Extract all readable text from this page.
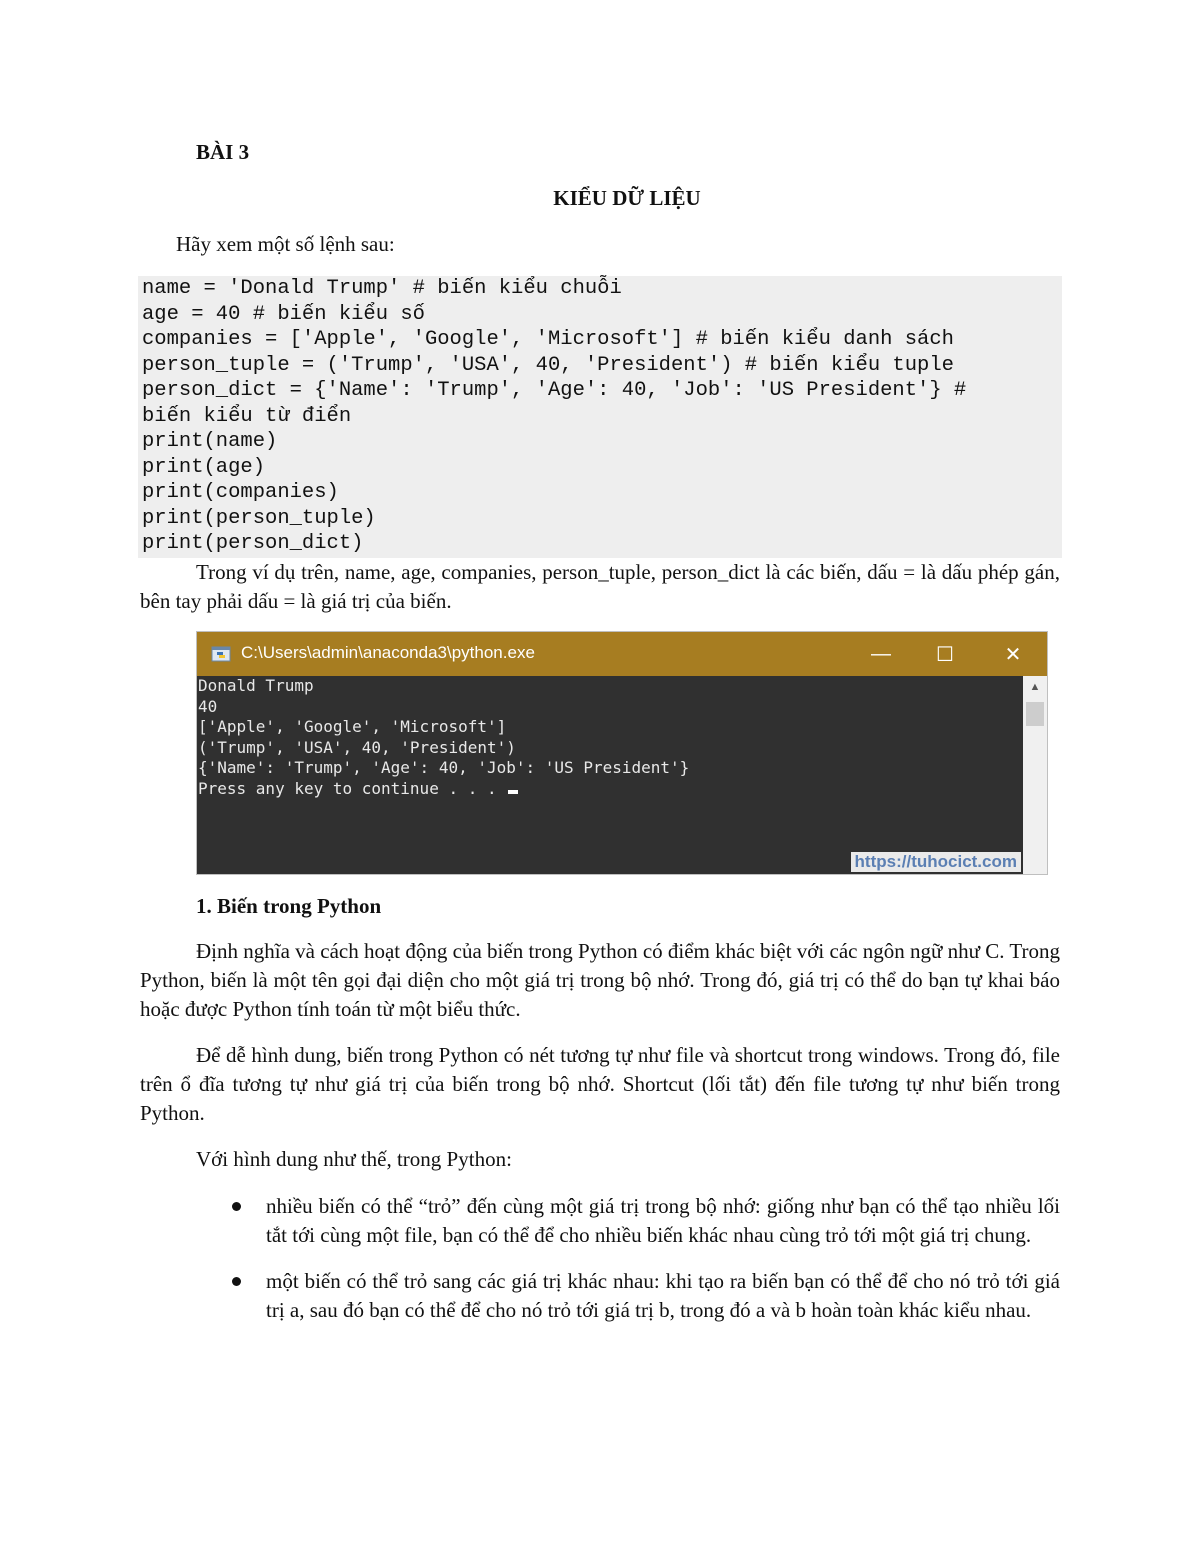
BÀI 3
KIỂU DỮ LIỆU
Hãy xem một số lệnh sau:
name = 'Donald Trump' # biến kiểu chuỗi
age = 40 # biến kiểu số
companies = ['Apple', 'Google', 'Microsoft'] # biến kiểu danh sách
person_tuple = ('Trump', 'USA', 40, 'President') # biến kiểu tuple
person_dict = {'Name': 'Trump', 'Age': 40, 'Job': 'US President'} #
biến kiểu từ điển
print(name)
print(age)
print(companies)
print(person_tuple)
print(person_dict)
Trong ví dụ trên, name, age, companies, person_tuple, person_dict là các biến, dấu = là dấu phép gán, bên tay phải dấu = là giá trị của biến.
C:\Users\admin\anaconda3\python.exe	—	☐	✕
Donald Trump
40
['Apple', 'Google', 'Microsoft']
('Trump', 'USA', 40, 'President')
{'Name': 'Trump', 'Age': 40, 'Job': 'US President'}
Press any key to continue . . .
▲
https://tuhocict.com
1. Biến trong Python
Định nghĩa và cách hoạt động của biến trong Python có điểm khác biệt với các ngôn ngữ như C. Trong Python, biến là một tên gọi đại diện cho một giá trị trong bộ nhớ. Trong đó, giá trị có thể do bạn tự khai báo hoặc được Python tính toán từ một biểu thức.
Để dễ hình dung, biến trong Python có nét tương tự như file và shortcut trong windows. Trong đó, file trên ổ đĩa tương tự như giá trị của biến trong bộ nhớ. Shortcut (lối tắt) đến file tương tự như biến trong Python.
Với hình dung như thế, trong Python:
nhiều biến có thể “trỏ” đến cùng một giá trị trong bộ nhớ: giống như bạn có thể tạo nhiều lối tắt tới cùng một file, bạn có thể để cho nhiều biến khác nhau cùng trỏ tới một giá trị chung.
một biến có thể trỏ sang các giá trị khác nhau: khi tạo ra biến bạn có thể để cho nó trỏ tới giá trị a, sau đó bạn có thể để cho nó trỏ tới giá trị b, trong đó a và b hoàn toàn khác kiểu nhau.
